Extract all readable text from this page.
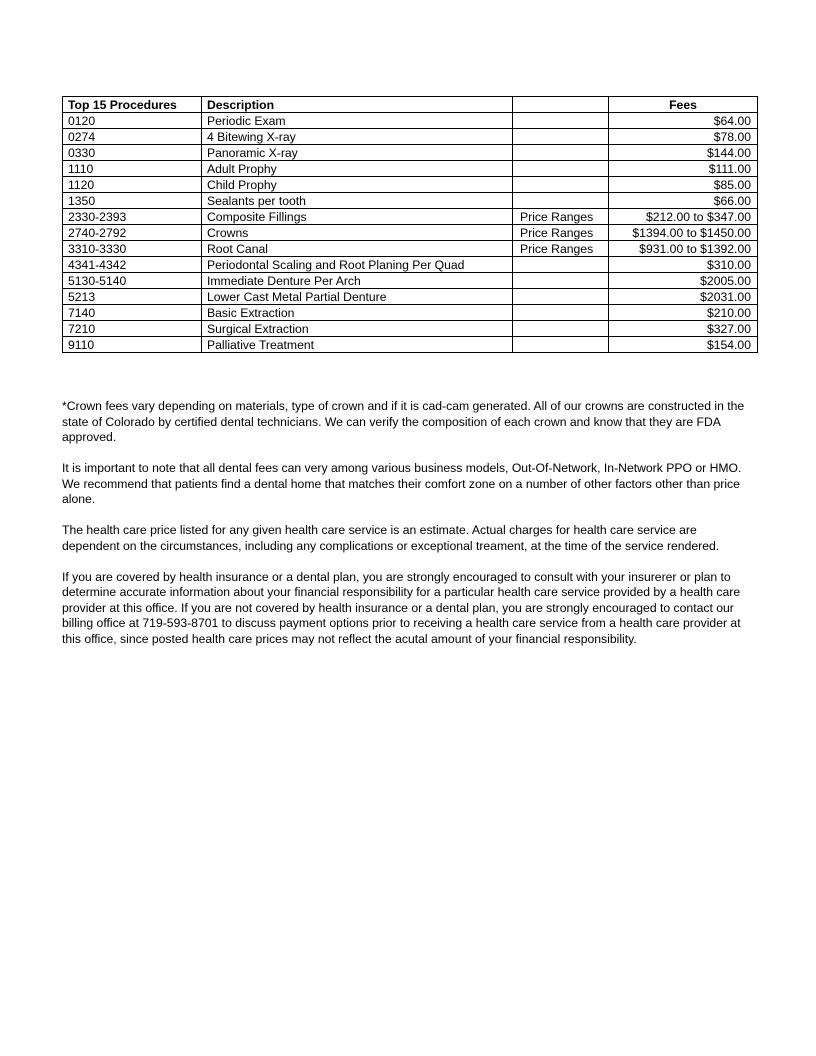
Top 15 Procedures	Description		Fees
0120	Periodic Exam		$64.00
0274	4 Bitewing X-ray		$78.00
0330	Panoramic X-ray		$144.00
1110	Adult Prophy		$111.00
1120	Child Prophy		$85.00
1350	Sealants per tooth		$66.00
2330-2393	Composite Fillings	Price Ranges	$212.00 to $347.00
2740-2792	Crowns	Price Ranges	$1394.00 to $1450.00
3310-3330	Root Canal	Price Ranges	$931.00 to $1392.00
4341-4342	Periodontal Scaling and Root Planing Per Quad		$310.00
5130-5140	Immediate Denture Per Arch		$2005.00
5213	Lower Cast Metal Partial Denture		$2031.00
7140	Basic Extraction		$210.00
7210	Surgical Extraction		$327.00
9110	Palliative Treatment		$154.00

*Crown fees vary depending on materials, type of crown and if it is cad-cam generated. All of our crowns are constructed in the state of Colorado by certified dental technicians. We can verify the composition of each crown and know that they are FDA approved.

It is important to note that all dental fees can very among various business models, Out-Of-Network, In-Network PPO or HMO. We recommend that patients find a dental home that matches their comfort zone on a number of other factors other than price alone.

The health care price listed for any given health care service is an estimate. Actual charges for health care service are dependent on the circumstances, including any complications or exceptional treament, at the time of the service rendered.

If you are covered by health insurance or a dental plan, you are strongly encouraged to consult with your insurerer or plan to determine accurate information about your financial responsibility for a particular health care service provided by a health care provider at this office. If you are not covered by health insurance or a dental plan, you are strongly encouraged to contact our billing office at 719-593-8701 to discuss payment options prior to receiving a health care service from a health care provider at this office, since posted health care prices may not reflect the acutal amount of your financial responsibility.
